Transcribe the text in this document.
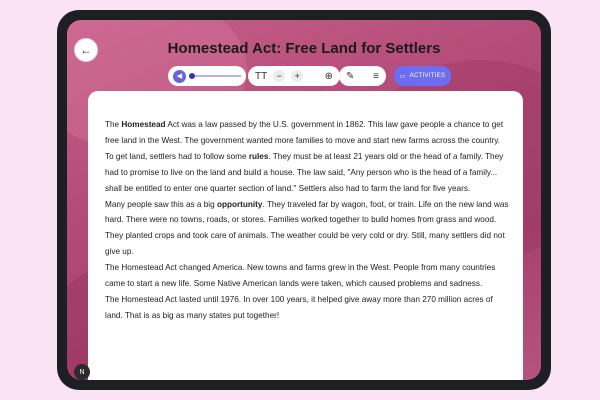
←	Homestead Act: Free Land for Settlers
◀	TT	−	+	⊕ ✎ ≡	▭ ACTIVITIES

The Homestead Act was a law passed by the U.S. government in 1862. This law gave people a chance to get free land in the West. The government wanted more families to move and start new farms across the country.

To get land, settlers had to follow some rules. They must be at least 21 years old or the head of a family. They had to promise to live on the land and build a house. The law said, "Any person who is the head of a family... shall be entitled to enter one quarter section of land." Settlers also had to farm the land for five years.

Many people saw this as a big opportunity. They traveled far by wagon, foot, or train. Life on the new land was hard. There were no towns, roads, or stores. Families worked together to build homes from grass and wood. They planted crops and took care of animals. The weather could be very cold or dry. Still, many settlers did not give up.

The Homestead Act changed America. New towns and farms grew in the West. People from many countries came to start a new life. Some Native American lands were taken, which caused problems and sadness.

The Homestead Act lasted until 1976. In over 100 years, it helped give away more than 270 million acres of land. That is as big as many states put together!

N
